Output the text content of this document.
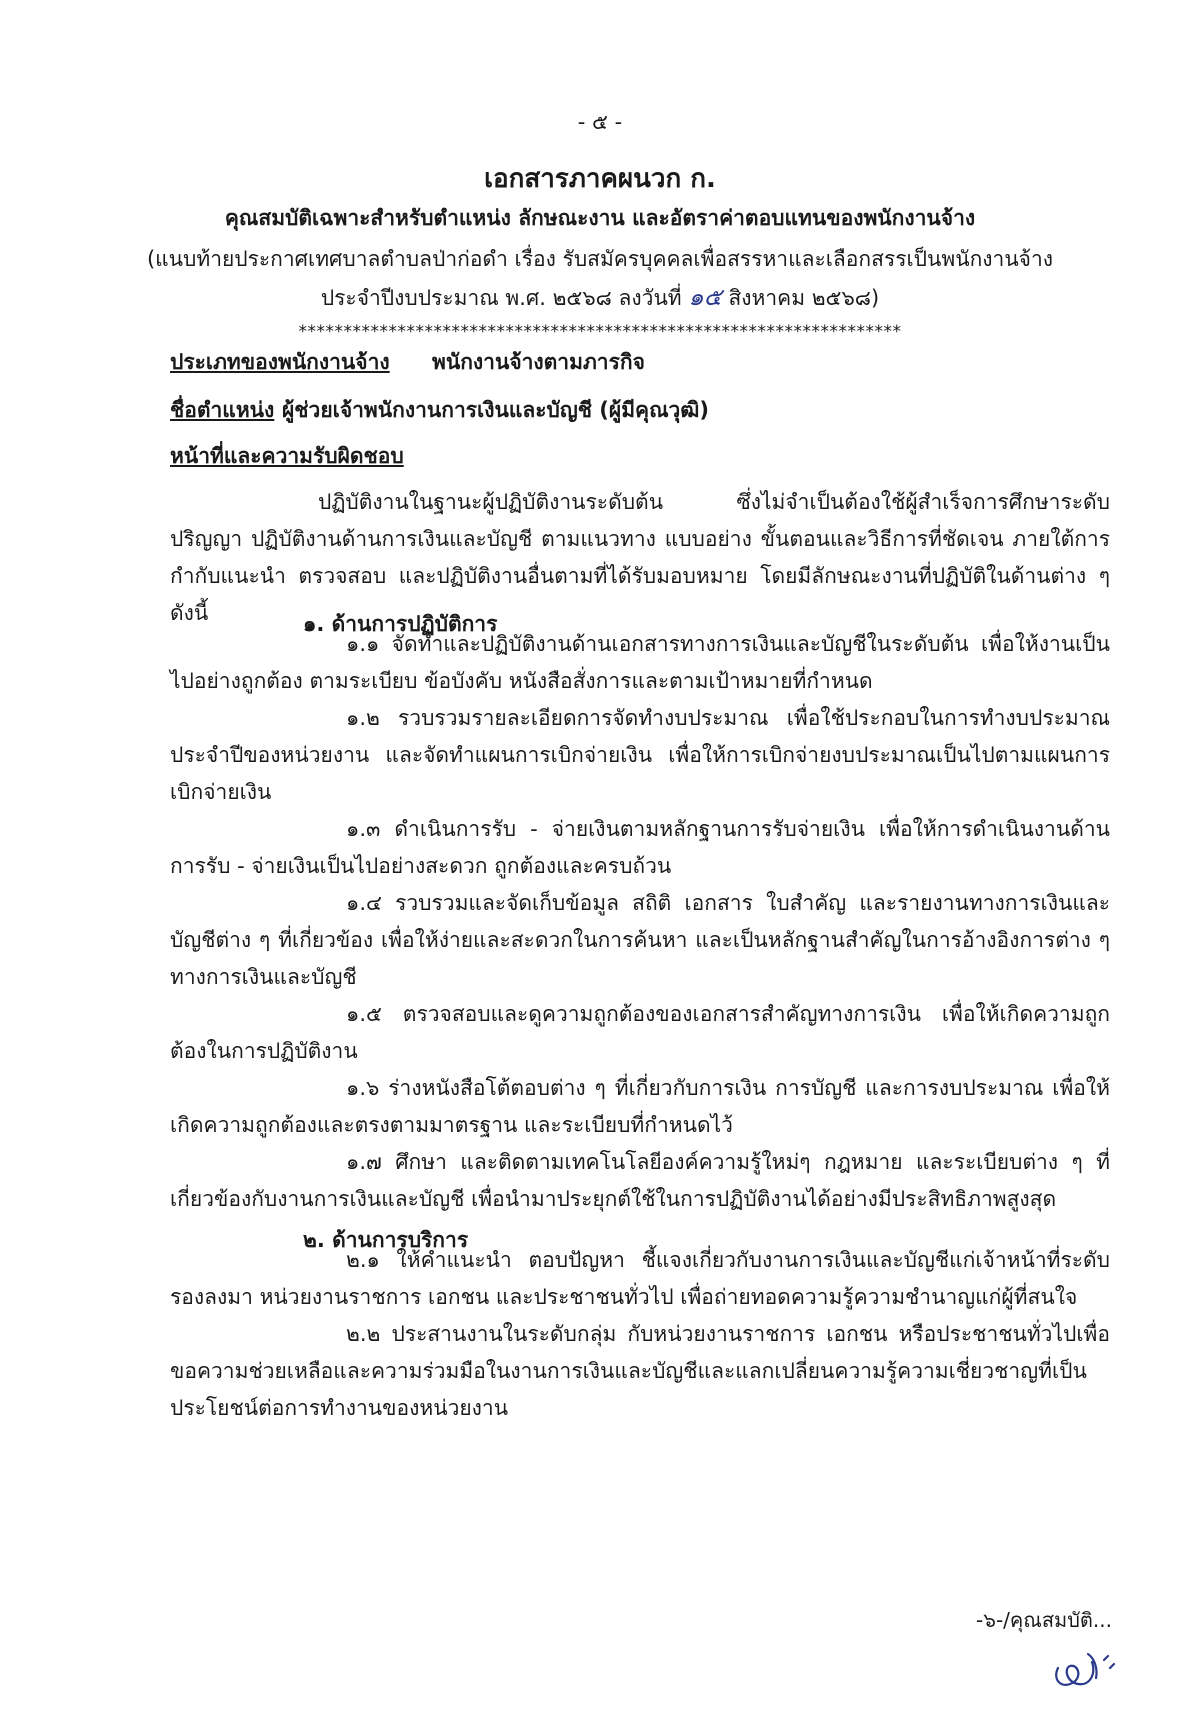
- ๕ -
เอกสารภาคผนวก ก.
คุณสมบัติเฉพาะสำหรับตำแหน่ง ลักษณะงาน และอัตราค่าตอบแทนของพนักงานจ้าง
(แนบท้ายประกาศเทศบาลตำบลป่าก่อดำ เรื่อง รับสมัครบุคคลเพื่อสรรหาและเลือกสรรเป็นพนักงานจ้าง
ประจำปีงบประมาณ พ.ศ. ๒๕๖๘ ลงวันที่ ๑๕ สิงหาคม ๒๕๖๘)
*******************************************************************
ประเภทของพนักงานจ้าง พนักงานจ้างตามภารกิจ
ชื่อตำแหน่ง ผู้ช่วยเจ้าพนักงานการเงินและบัญชี (ผู้มีคุณวุฒิ)
หน้าที่และความรับผิดชอบ

ปฏิบัติงานในฐานะผู้ปฏิบัติงานระดับต้น ซึ่งไม่จำเป็นต้องใช้ผู้สำเร็จการศึกษาระดับปริญญา ปฏิบัติงานด้านการเงินและบัญชี ตามแนวทาง แบบอย่าง ขั้นตอนและวิธีการที่ชัดเจน ภายใต้การกำกับแนะนำ ตรวจสอบ และปฏิบัติงานอื่นตามที่ได้รับมอบหมาย โดยมีลักษณะงานที่ปฏิบัติในด้านต่าง ๆ ดังนี้	๑. ด้านการปฏิบัติการ

๑.๑ จัดทำและปฏิบัติงานด้านเอกสารทางการเงินและบัญชีในระดับต้น เพื่อให้งานเป็นไปอย่างถูกต้อง ตามระเบียบ ข้อบังคับ หนังสือสั่งการและตามเป้าหมายที่กำหนด

๑.๒ รวบรวมรายละเอียดการจัดทำงบประมาณ เพื่อใช้ประกอบในการทำงบประมาณประจำปีของหน่วยงาน และจัดทำแผนการเบิกจ่ายเงิน เพื่อให้การเบิกจ่ายงบประมาณเป็นไปตามแผนการเบิกจ่ายเงิน

๑.๓ ดำเนินการรับ - จ่ายเงินตามหลักฐานการรับจ่ายเงิน เพื่อให้การดำเนินงานด้านการรับ - จ่ายเงินเป็นไปอย่างสะดวก ถูกต้องและครบถ้วน

๑.๔ รวบรวมและจัดเก็บข้อมูล สถิติ เอกสาร ใบสำคัญ และรายงานทางการเงินและบัญชีต่าง ๆ ที่เกี่ยวข้อง เพื่อให้ง่ายและสะดวกในการค้นหา และเป็นหลักฐานสำคัญในการอ้างอิงการต่าง ๆ ทางการเงินและบัญชี

๑.๕ ตรวจสอบและดูความถูกต้องของเอกสารสำคัญทางการเงิน เพื่อให้เกิดความถูกต้องในการปฏิบัติงาน

๑.๖ ร่างหนังสือโต้ตอบต่าง ๆ ที่เกี่ยวกับการเงิน การบัญชี และการงบประมาณ เพื่อให้เกิดความถูกต้องและตรงตามมาตรฐาน และระเบียบที่กำหนดไว้

๑.๗ ศึกษา และติดตามเทคโนโลยีองค์ความรู้ใหม่ๆ กฎหมาย และระเบียบต่าง ๆ ที่เกี่ยวข้องกับงานการเงินและบัญชี เพื่อนำมาประยุกต์ใช้ในการปฏิบัติงานได้อย่างมีประสิทธิภาพสูงสุด

๒. ด้านการบริการ

๒.๑ ให้คำแนะนำ ตอบปัญหา ชี้แจงเกี่ยวกับงานการเงินและบัญชีแก่เจ้าหน้าที่ระดับรองลงมา หน่วยงานราชการ เอกชน และประชาชนทั่วไป เพื่อถ่ายทอดความรู้ความชำนาญแก่ผู้ที่สนใจ

๒.๒ ประสานงานในระดับกลุ่ม กับหน่วยงานราชการ เอกชน หรือประชาชนทั่วไปเพื่อขอความช่วยเหลือและความร่วมมือในงานการเงินและบัญชีและแลกเปลี่ยนความรู้ความเชี่ยวชาญที่เป็นประโยชน์ต่อการทำงานของหน่วยงาน

-๖-/คุณสมบัติ...
